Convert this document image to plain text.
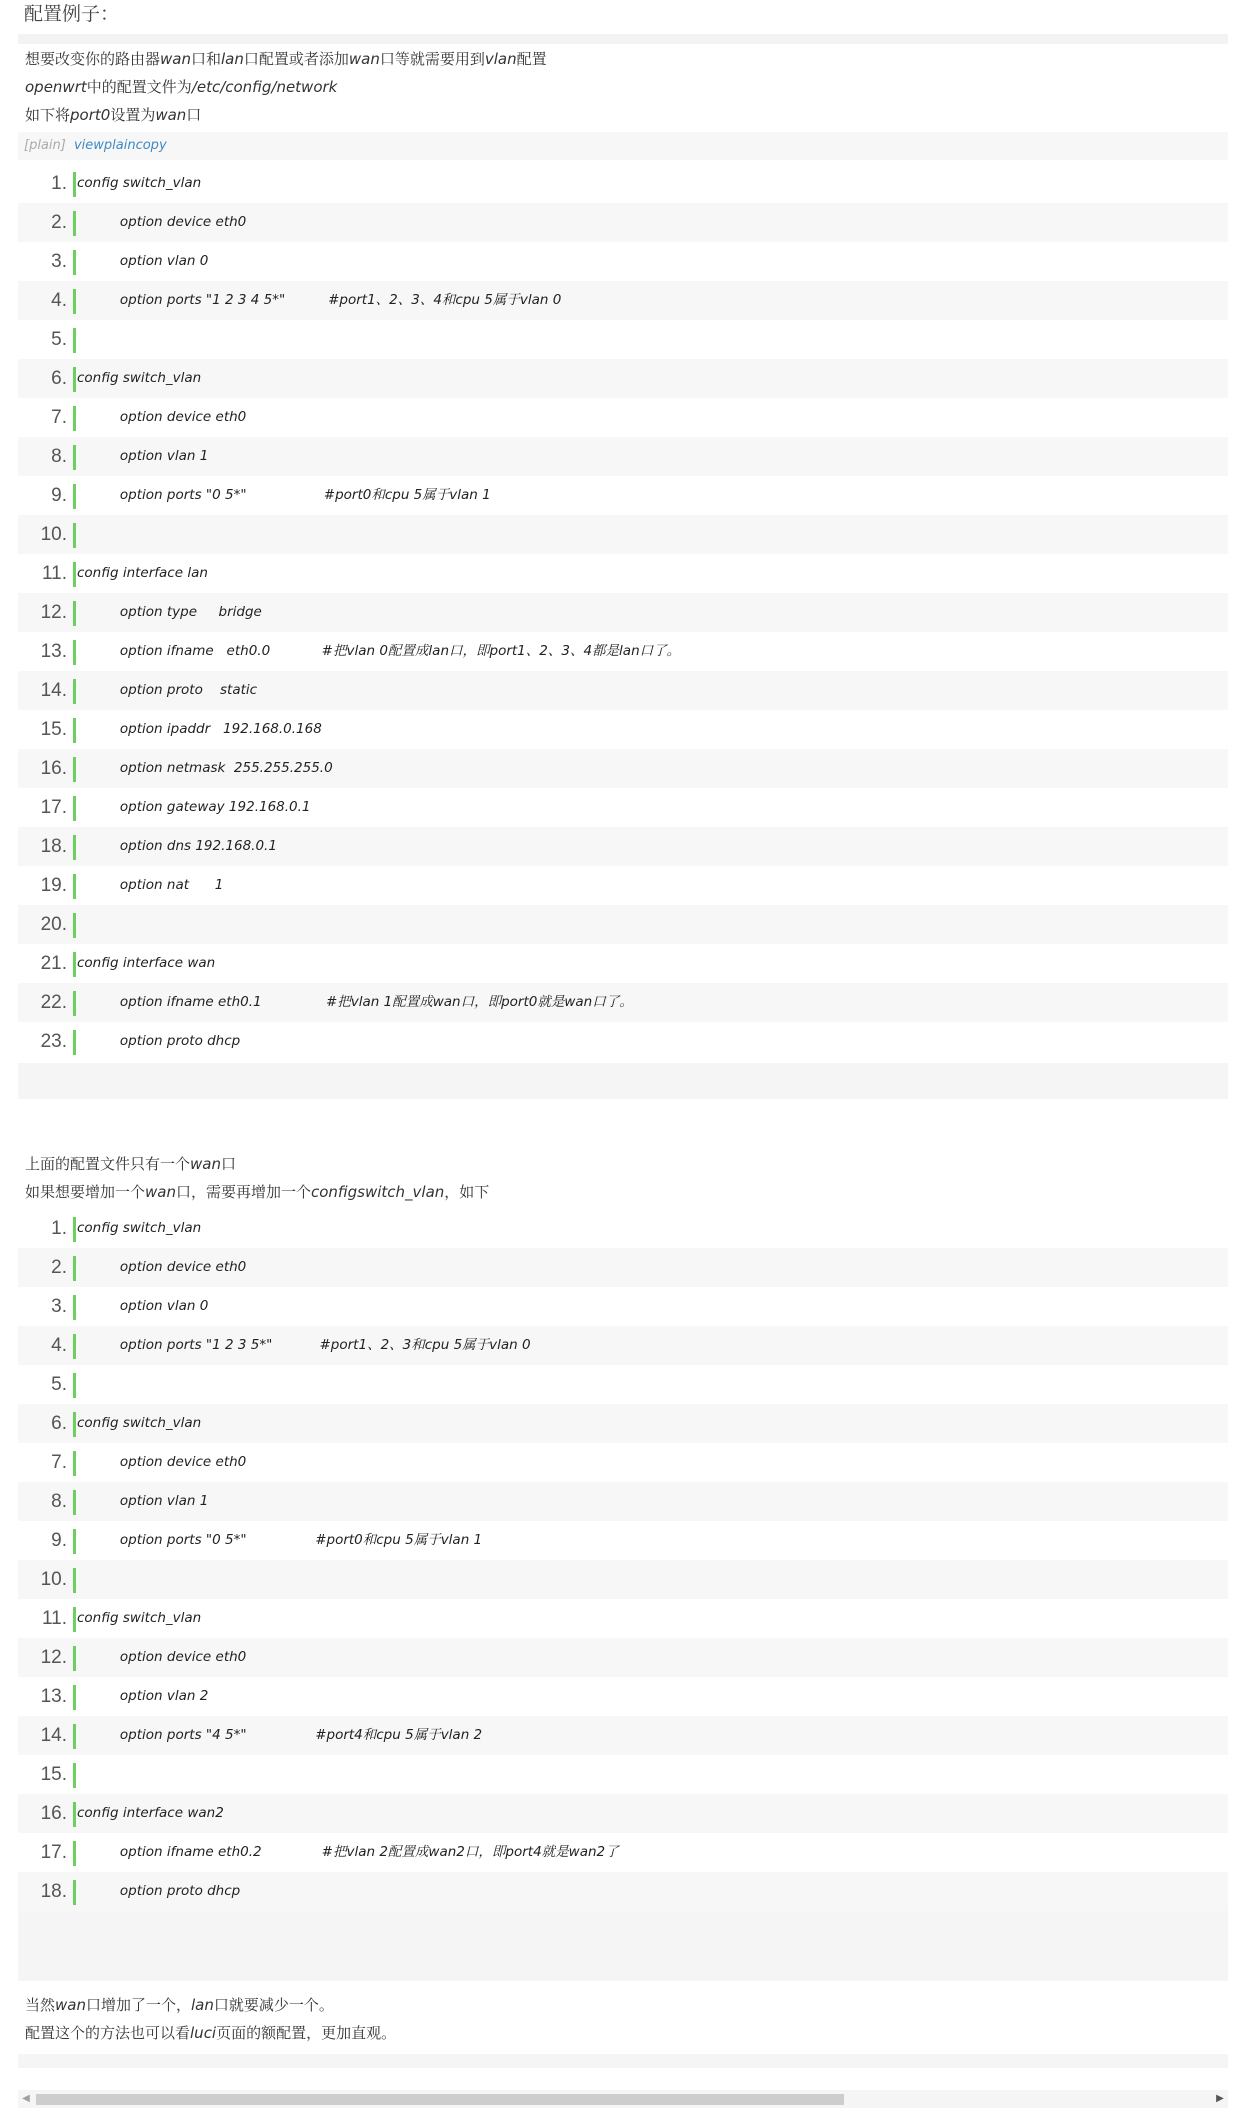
配置例子：
想要改变你的路由器wan口和lan口配置或者添加wan口等就需要用到vlan配置
openwrt中的配置文件为/etc/config/network
如下将port0设置为wan口
[plain] viewplaincopy
1. config switch_vlan
2. option device eth0
3. option vlan 0
4. option ports "1 2 3 4 5*"          #port1、2、3、4和cpu 5属于vlan 0
5.
6. config switch_vlan
7. option device eth0
8. option vlan 1
9. option ports "0 5*"                  #port0和cpu 5属于vlan 1
10.
11. config interface lan
12. option type     bridge
13. option ifname   eth0.0            #把vlan 0配置成lan口，即port1、2、3、4都是lan口了。
14. option proto    static
15. option ipaddr   192.168.0.168
16. option netmask  255.255.255.0
17. option gateway 192.168.0.1
18. option dns 192.168.0.1
19. option nat      1
20.
21. config interface wan
22. option ifname eth0.1               #把vlan 1配置成wan口，即port0就是wan口了。
23. option proto dhcp
上面的配置文件只有一个wan口
如果想要增加一个wan口，需要再增加一个configswitch_vlan，如下
1. config switch_vlan
2. option device eth0
3. option vlan 0
4. option ports "1 2 3 5*"           #port1、2、3和cpu 5属于vlan 0
5.
6. config switch_vlan
7. option device eth0
8. option vlan 1
9. option ports "0 5*"                #port0和cpu 5属于vlan 1
10.
11. config switch_vlan
12. option device eth0
13. option vlan 2
14. option ports "4 5*"                #port4和cpu 5属于vlan 2
15.
16. config interface wan2
17. option ifname eth0.2              #把vlan 2配置成wan2口，即port4就是wan2了
18. option proto dhcp
当然wan口增加了一个，lan口就要减少一个。
配置这个的方法也可以看luci页面的额配置，更加直观。
◀	▶
